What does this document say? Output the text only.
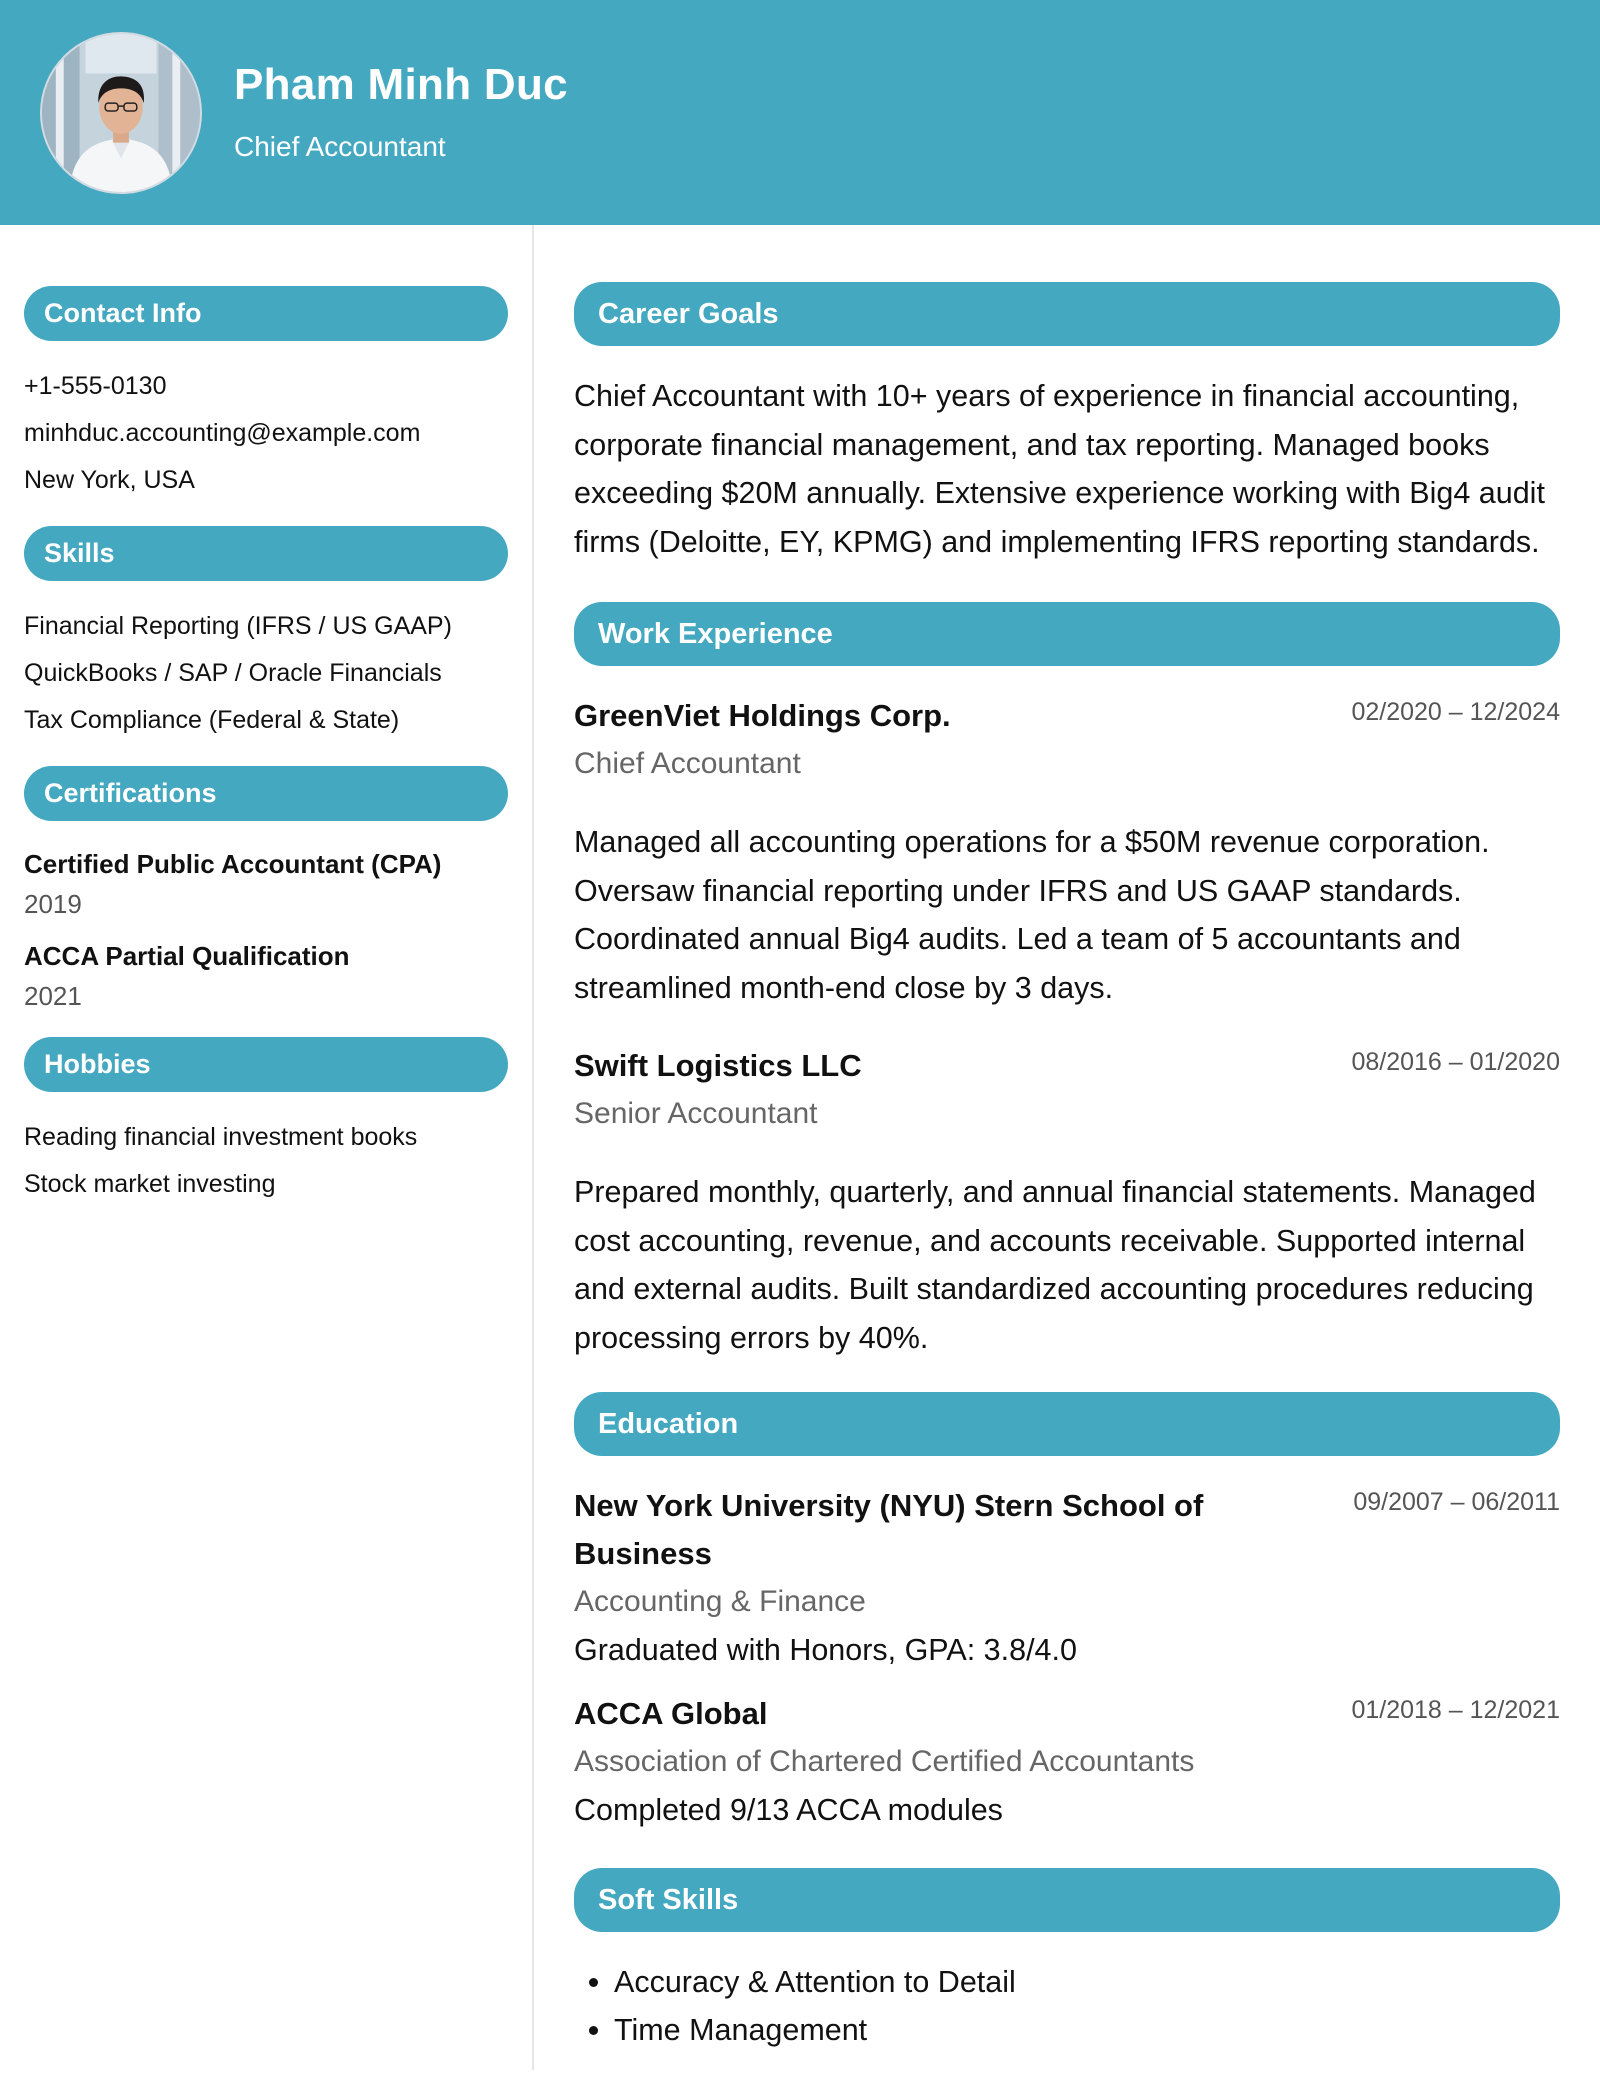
Pham Minh Duc
Chief Accountant
Contact Info
+1-555-0130
minhduc.accounting@example.com
New York, USA
Skills
Financial Reporting (IFRS / US GAAP)
QuickBooks / SAP / Oracle Financials
Tax Compliance (Federal & State)
Certifications
Certified Public Accountant (CPA)
2019
ACCA Partial Qualification
2021
Hobbies
Reading financial investment books
Stock market investing
Career Goals
Chief Accountant with 10+ years of experience in financial accounting, corporate financial management, and tax reporting. Managed books exceeding $20M annually. Extensive experience working with Big4 audit firms (Deloitte, EY, KPMG) and implementing IFRS reporting standards.
Work Experience
GreenViet Holdings Corp.	02/2020 – 12/2024
Chief Accountant
Managed all accounting operations for a $50M revenue corporation. Oversaw financial reporting under IFRS and US GAAP standards. Coordinated annual Big4 audits. Led a team of 5 accountants and streamlined month-end close by 3 days.
Swift Logistics LLC	08/2016 – 01/2020
Senior Accountant
Prepared monthly, quarterly, and annual financial statements. Managed cost accounting, revenue, and accounts receivable. Supported internal and external audits. Built standardized accounting procedures reducing processing errors by 40%.
Education
New York University (NYU) Stern School of Business
09/2007 – 06/2011
Accounting & Finance
Graduated with Honors, GPA: 3.8/4.0
ACCA Global	01/2018 – 12/2021
Association of Chartered Certified Accountants
Completed 9/13 ACCA modules
Soft Skills
• Accuracy & Attention to Detail
• Time Management
